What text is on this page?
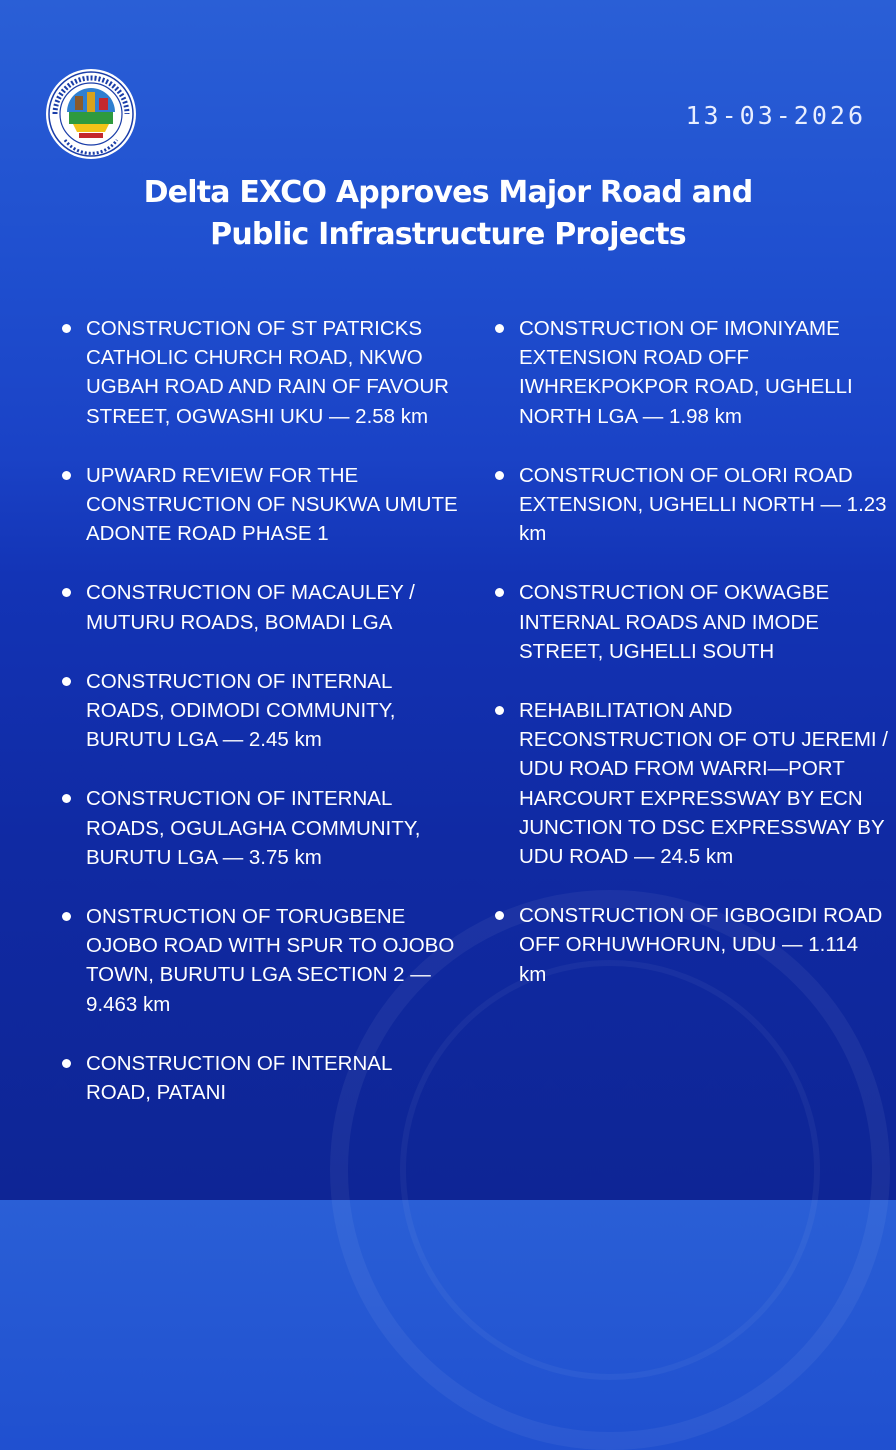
13-03-2026
Delta EXCO Approves Major Road and
Public Infrastructure Projects
CONSTRUCTION OF ST PATRICKS CATHOLIC CHURCH ROAD, NKWO UGBAH ROAD AND RAIN OF FAVOUR STREET, OGWASHI UKU — 2.58 km
UPWARD REVIEW FOR THE CONSTRUCTION OF NSUKWA UMUTE ADONTE ROAD PHASE 1
CONSTRUCTION OF MACAULEY / MUTURU ROADS, BOMADI LGA
CONSTRUCTION OF INTERNAL ROADS, ODIMODI COMMUNITY, BURUTU LGA — 2.45 km
CONSTRUCTION OF INTERNAL ROADS, OGULAGHA COMMUNITY, BURUTU LGA — 3.75 km
ONSTRUCTION OF TORUGBENE OJOBO ROAD WITH SPUR TO OJOBO TOWN, BURUTU LGA SECTION 2 — 9.463 km
CONSTRUCTION OF INTERNAL ROAD, PATANI
CONSTRUCTION OF IMONIYAME EXTENSION ROAD OFF IWHREKPOKPOR ROAD, UGHELLI NORTH LGA — 1.98 km
CONSTRUCTION OF OLORI ROAD EXTENSION, UGHELLI NORTH — 1.23 km
CONSTRUCTION OF OKWAGBE INTERNAL ROADS AND IMODE STREET, UGHELLI SOUTH
REHABILITATION AND RECONSTRUCTION OF OTU JEREMI / UDU ROAD FROM WARRI—PORT HARCOURT EXPRESSWAY BY ECN JUNCTION TO DSC EXPRESSWAY BY UDU ROAD — 24.5 km
CONSTRUCTION OF IGBOGIDI ROAD OFF ORHUWHORUN, UDU — 1.114 km
